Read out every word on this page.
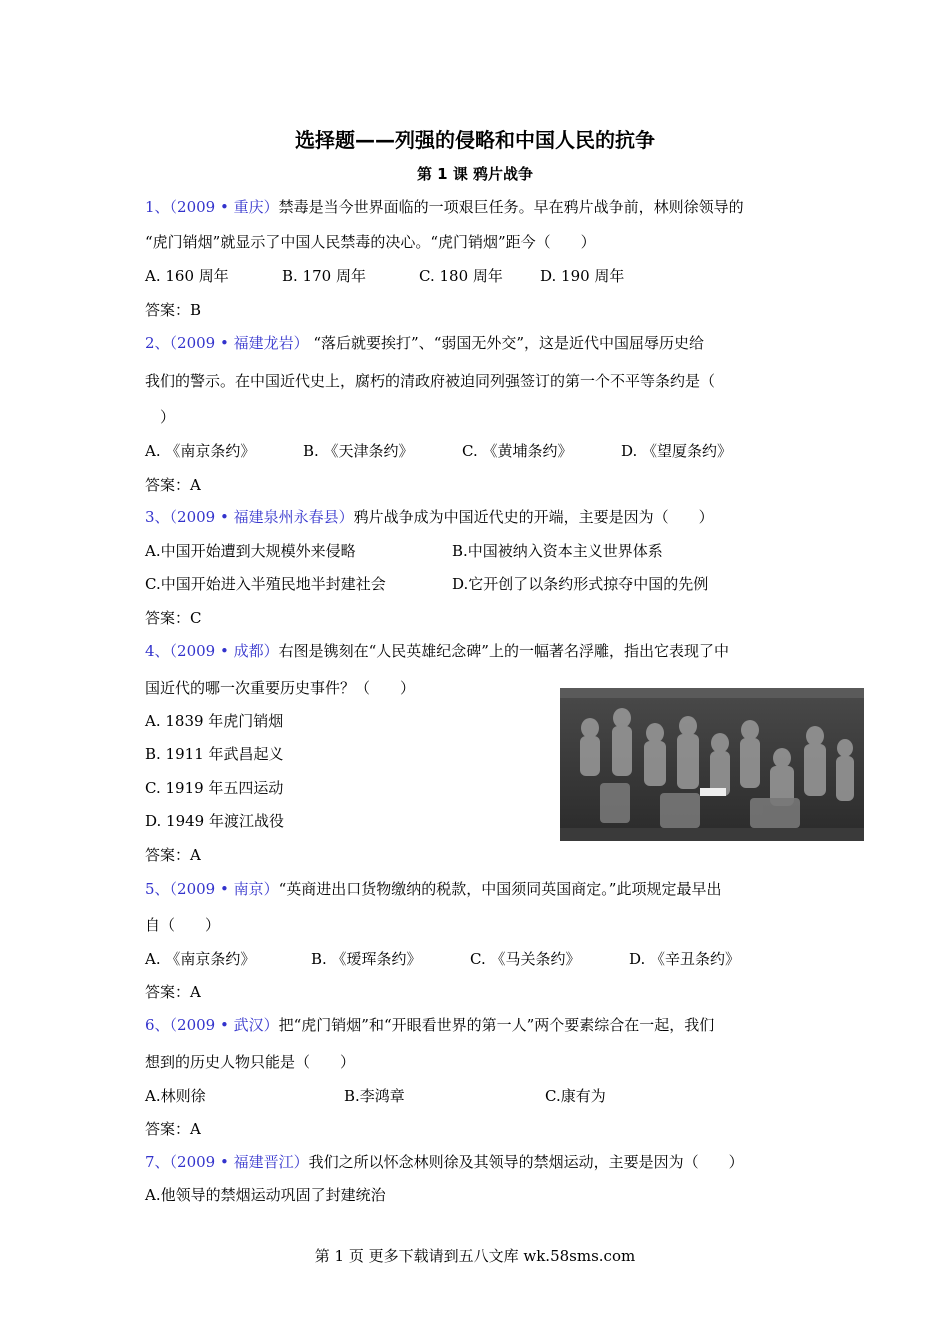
选择题——列强的侵略和中国人民的抗争
第 1 课 鸦片战争
1、（2009 • 重庆）禁毒是当今世界面临的一项艰巨任务。早在鸦片战争前，林则徐领导的
“虎门销烟”就显示了中国人民禁毒的决心。“虎门销烟”距今（　　）
A. 160 周年	B. 170 周年	C. 180 周年 D. 190 周年
答案：B
2、（2009 • 福建龙岩） “落后就要挨打”、“弱国无外交”，这是近代中国屈辱历史给
我们的警示。在中国近代史上，腐朽的清政府被迫同列强签订的第一个不平等条约是（
　）
A. 《南京条约》	B. 《天津条约》	C. 《黄埔条约》	D. 《望厦条约》
答案：A
3、（2009 • 福建泉州永春县）鸦片战争成为中国近代史的开端，主要是因为（　　）
A.中国开始遭到大规模外来侵略	B.中国被纳入资本主义世界体系
C.中国开始进入半殖民地半封建社会	D.它开创了以条约形式掠夺中国的先例
答案：C
4、（2009 • 成都）右图是镌刻在“人民英雄纪念碑”上的一幅著名浮雕，指出它表现了中
国近代的哪一次重要历史事件？（　　）
A. 1839 年虎门销烟
B. 1911 年武昌起义
C. 1919 年五四运动
D. 1949 年渡江战役
答案：A
5、（2009 • 南京）“英商进出口货物缴纳的税款，中国须同英国商定。”此项规定最早出
自（　　）
A. 《南京条约》	B. 《瑷珲条约》	C. 《马关条约》	D. 《辛丑条约》
答案：A
6、（2009 • 武汉）把“虎门销烟”和“开眼看世界的第一人”两个要素综合在一起，我们
想到的历史人物只能是（　　）
A.林则徐	B.李鸿章	C.康有为
答案：A
7、（2009 • 福建晋江）我们之所以怀念林则徐及其领导的禁烟运动，主要是因为（　　）
A.他领导的禁烟运动巩固了封建统治
第 1 页 更多下载请到五八文库 wk.58sms.com
